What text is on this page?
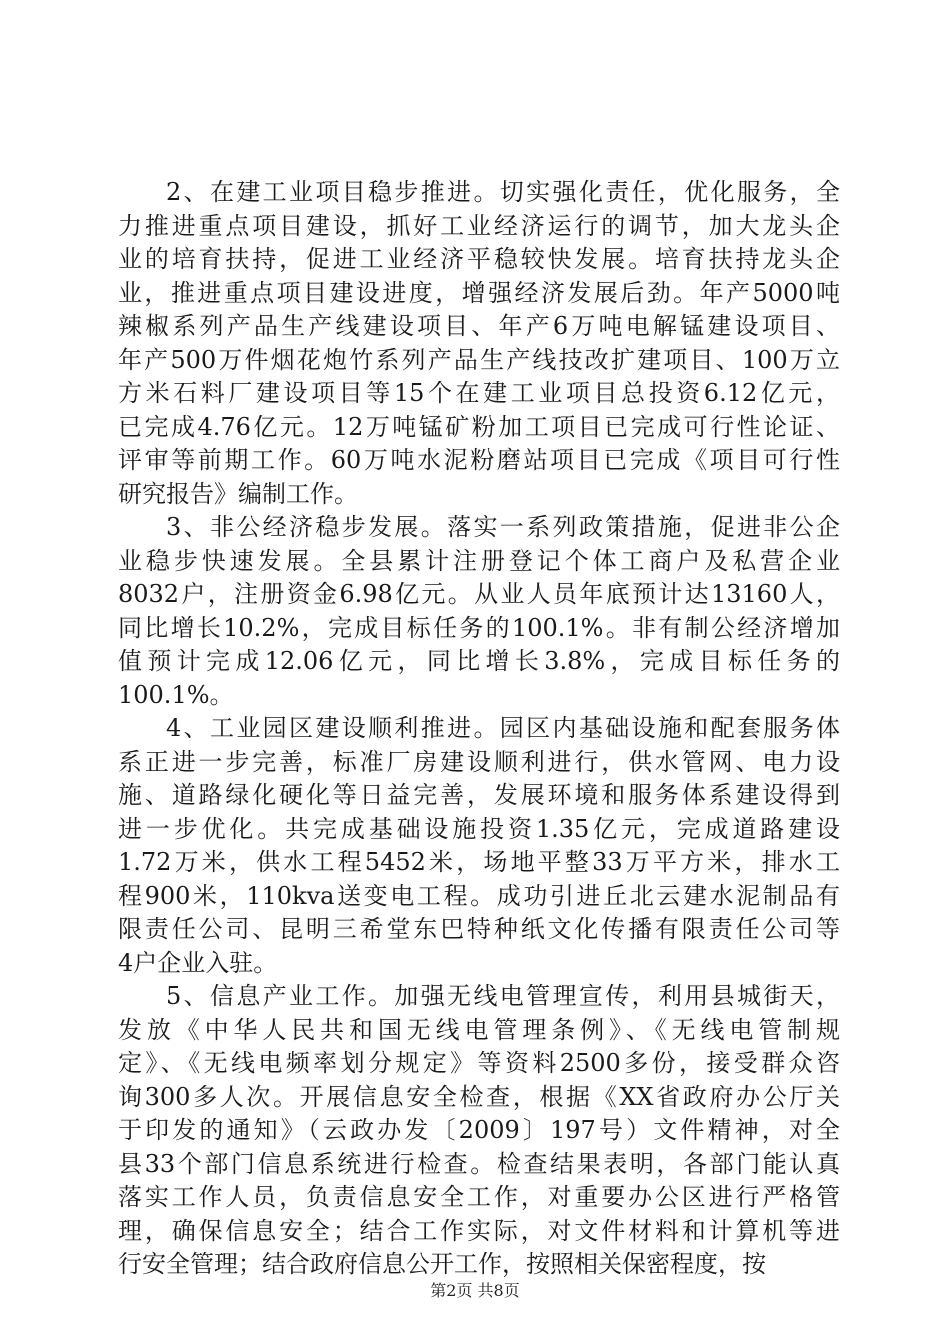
2、在建工业项目稳步推进。切实强化责任，优化服务，全
力推进重点项目建设，抓好工业经济运行的调节，加大龙头企
业的培育扶持，促进工业经济平稳较快发展。培育扶持龙头企
业，推进重点项目建设进度，增强经济发展后劲。年产5000吨
辣椒系列产品生产线建设项目、年产6万吨电解锰建设项目、
年产500万件烟花炮竹系列产品生产线技改扩建项目、100万立
方米石料厂建设项目等15个在建工业项目总投资6.12亿元，
已完成4.76亿元。12万吨锰矿粉加工项目已完成可行性论证、
评审等前期工作。60万吨水泥粉磨站项目已完成《项目可行性
研究报告》编制工作。
3、非公经济稳步发展。落实一系列政策措施，促进非公企
业稳步快速发展。全县累计注册登记个体工商户及私营企业
8032户，注册资金6.98亿元。从业人员年底预计达13160人，
同比增长10.2%，完成目标任务的100.1%。非有制公经济增加
值预计完成12.06亿元，同比增长3.8%，完成目标任务的
100.1%。
4、工业园区建设顺利推进。园区内基础设施和配套服务体
系正进一步完善，标准厂房建设顺利进行，供水管网、电力设
施、道路绿化硬化等日益完善，发展环境和服务体系建设得到
进一步优化。共完成基础设施投资1.35亿元，完成道路建设
1.72万米，供水工程5452米，场地平整33万平方米，排水工
程900米，110kva送变电工程。成功引进丘北云建水泥制品有
限责任公司、昆明三希堂东巴特种纸文化传播有限责任公司等
4户企业入驻。
5、信息产业工作。加强无线电管理宣传，利用县城街天，
发放《中华人民共和国无线电管理条例》、《无线电管制规
定》、《无线电频率划分规定》等资料2500多份，接受群众咨
询300多人次。开展信息安全检查，根据《XX省政府办公厅关
于印发的通知》（云政办发〔2009〕197号）文件精神，对全
县33个部门信息系统进行检查。检查结果表明，各部门能认真
落实工作人员，负责信息安全工作，对重要办公区进行严格管
理，确保信息安全；结合工作实际，对文件材料和计算机等进
行安全管理；结合政府信息公开工作，按照相关保密程度，按
第2页 共8页
